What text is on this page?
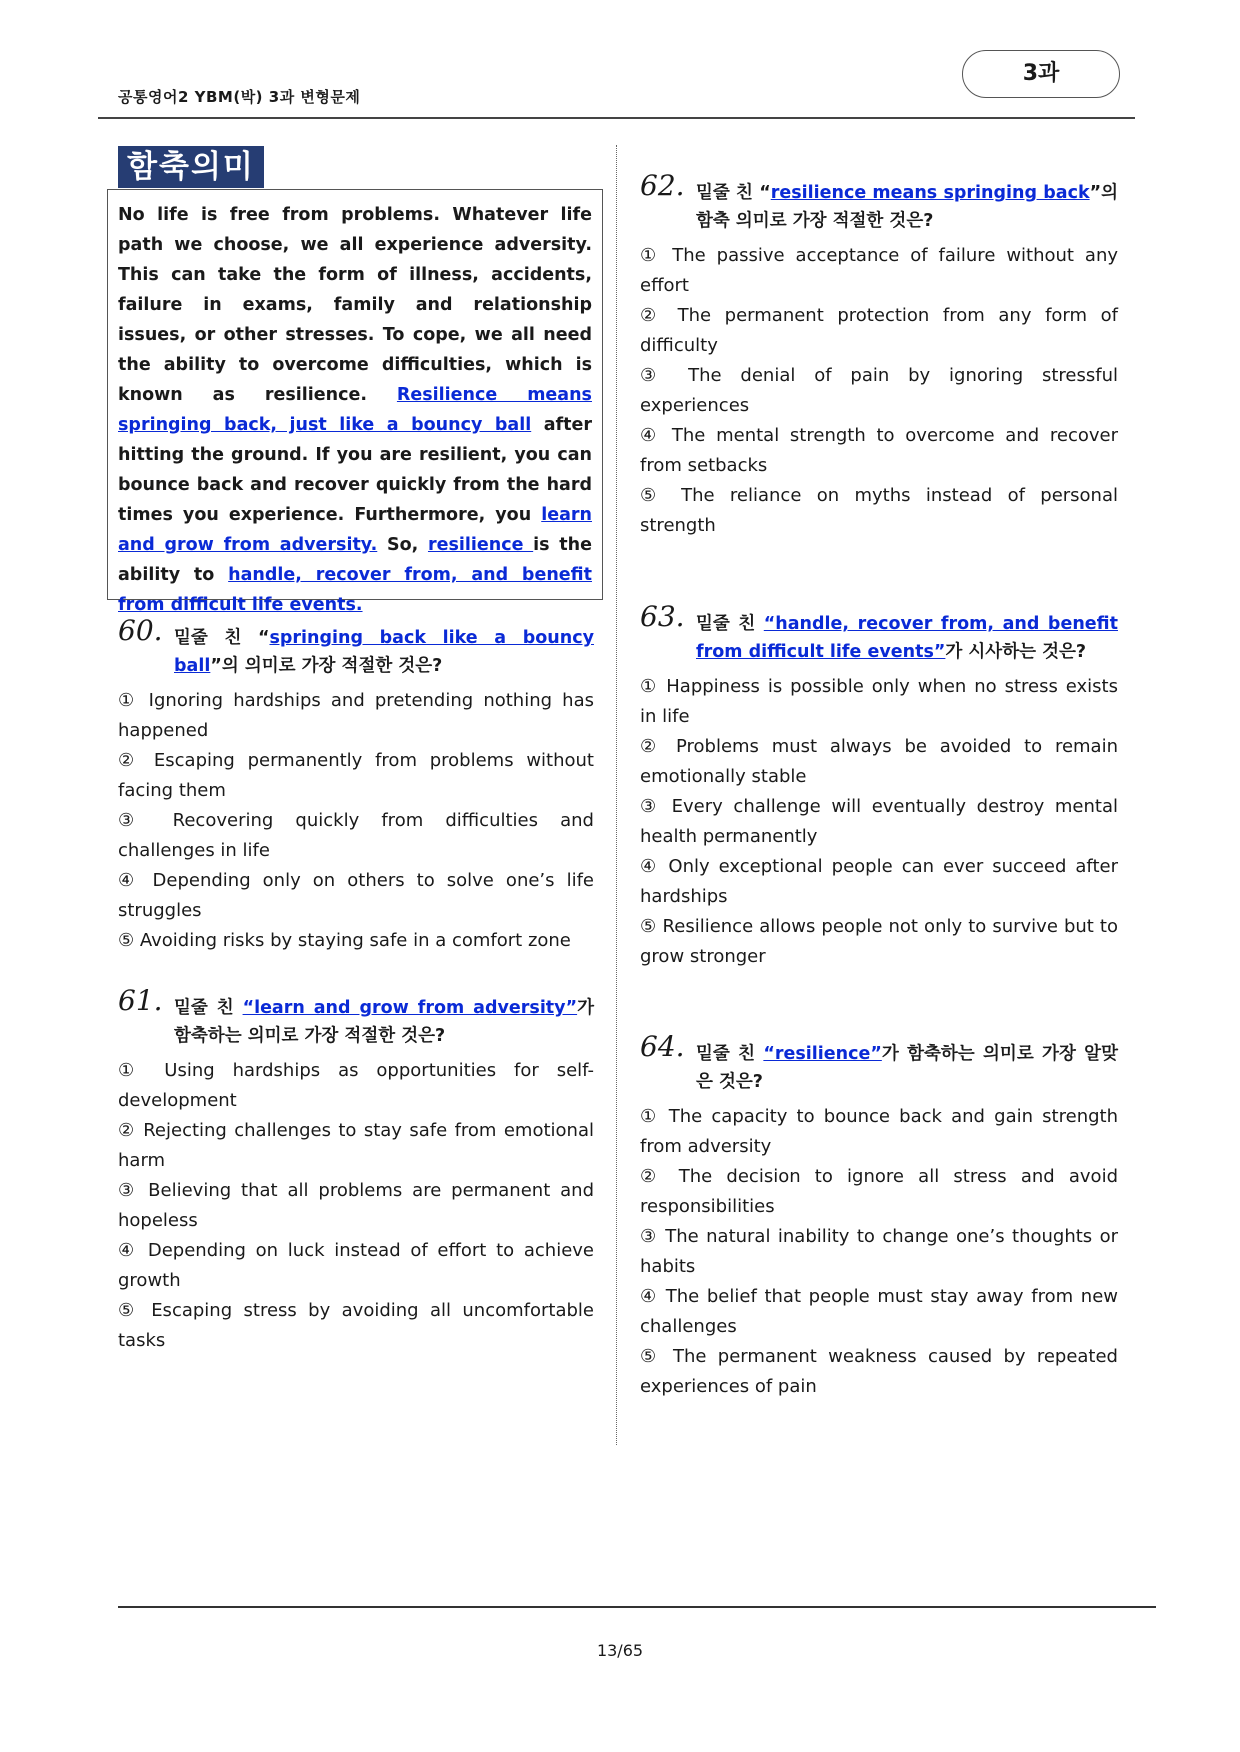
공통영어2 YBM(박) 3과 변형문제
3과
함축의미

No life is free from problems. Whatever life path we choose, we all experience adversity. This can take the form of illness, accidents, failure in exams, family and relationship issues, or other stresses. To cope, we all need the ability to overcome difficulties, which is known as resilience. Resilience means springing back, just like a bouncy ball after hitting the ground. If you are resilient, you can bounce back and recover quickly from the hard times you experience. Furthermore, you learn and grow from adversity. So, resilience is the ability to handle, recover from, and benefit from difficult life events.

60. 밑줄 친 “springing back like a bouncy ball”의 의미로 가장 적절한 것은?
① Ignoring hardships and pretending nothing has happened
② Escaping permanently from problems without facing them
③ Recovering quickly from difficulties and challenges in life
④ Depending only on others to solve one’s life struggles
⑤ Avoiding risks by staying safe in a comfort zone
61. 밑줄 친 “learn and grow from adversity”가 함축하는 의미로 가장 적절한 것은?
① Using hardships as opportunities for self-development
② Rejecting challenges to stay safe from emotional harm
③ Believing that all problems are permanent and hopeless
④ Depending on luck instead of effort to achieve growth
⑤ Escaping stress by avoiding all uncomfortable tasks
62. 밑줄 친 “resilience means springing back”의 함축 의미로 가장 적절한 것은?
① The passive acceptance of failure without any effort
② The permanent protection from any form of difficulty
③ The denial of pain by ignoring stressful experiences
④ The mental strength to overcome and recover from setbacks
⑤ The reliance on myths instead of personal strength
63. 밑줄 친 “handle, recover from, and benefit from difficult life events”가 시사하는 것은?
① Happiness is possible only when no stress exists in life
② Problems must always be avoided to remain emotionally stable
③ Every challenge will eventually destroy mental health permanently
④ Only exceptional people can ever succeed after hardships
⑤ Resilience allows people not only to survive but to grow stronger
64. 밑줄 친 “resilience”가 함축하는 의미로 가장 알맞은 것은?
① The capacity to bounce back and gain strength from adversity
② The decision to ignore all stress and avoid responsibilities
③ The natural inability to change one’s thoughts or habits
④ The belief that people must stay away from new challenges
⑤ The permanent weakness caused by repeated experiences of pain
13/65
